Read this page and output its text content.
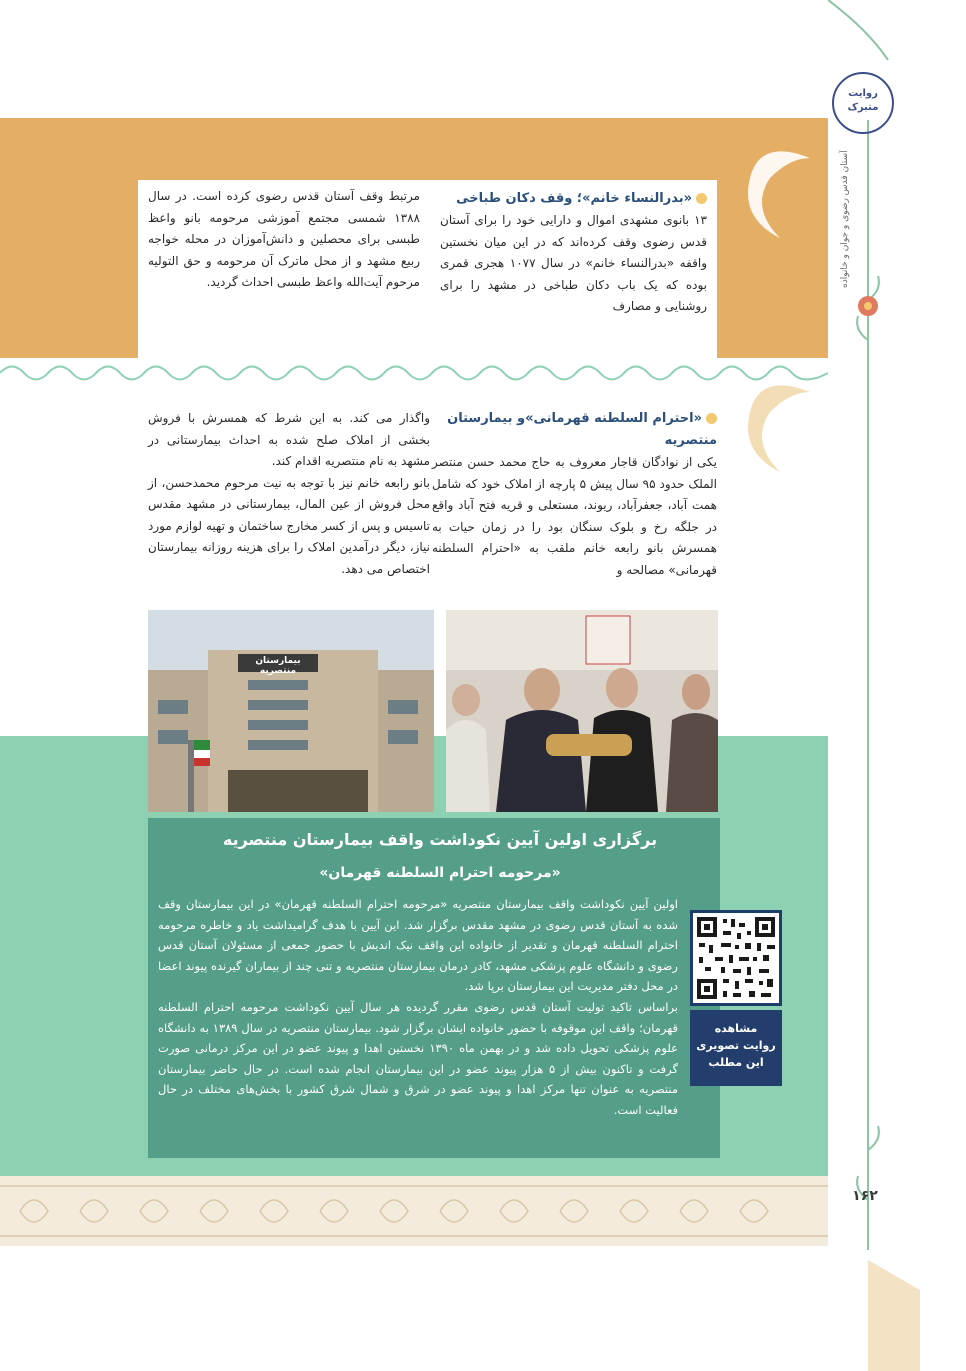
روایت متبرک
آستان قدس رضوی و جوان و خانواده
مرتبط وقف آستان قدس رضوی کرده است. در سال ۱۳۸۸ شمسی مجتمع آموزشی مرحومه بانو واعظ طبسی برای محصلین و دانش‌آموزان در محله خواجه ربیع مشهد و از محل ماترک آن مرحومه و حق التولیه مرحوم آیت‌الله واعظ طبسی احداث گردید.
«بدرالنساء خانم»؛ وقف دکان طباخی
۱۳ بانوی مشهدی اموال و دارایی خود را برای آستان قدس رضوی وقف کرده‌اند که در این میان نخستین واقفه «بدرالنساء خانم» در سال ۱۰۷۷ هجری قمری بوده که یک باب دکان طباخی در مشهد را برای روشنایی و مصارف
«احترام السلطنه قهرمانی»و بیمارستان منتصریه
یکی از نوادگان قاجار معروف به حاج محمد حسن منتصر الملک حدود ۹۵ سال پیش ۵ پارچه از املاک خود که شامل همت آباد، جعفرآباد، ریوند، مستعلی و قریه فتح آباد واقع در جلگه رخ و بلوک سنگان بود را در زمان حیات به همسرش بانو رابعه خانم ملقب به «احترام السلطنه قهرمانی» مصالحه و
واگذار می کند. به این شرط که همسرش با فروش بخشی از املاک صلح شده به احداث بیمارستانی در مشهد به نام منتصریه اقدام کند.
بانو رابعه خانم نیز با توجه به نیت مرحوم محمدحسن، از محل فروش از عین المال، بیمارستانی در مشهد مقدس تاسیس و پس از کسر مخارج ساختمان و تهیه لوازم مورد نیاز، دیگر درآمدین املاک را برای هزینه روزانه بیمارستان اختصاص می دهد.
بیمارستان منتصریه
برگزاری اولین آیین نکوداشت واقف بیمارستان منتصریه
«مرحومه احترام السلطنه قهرمان»
اولین آیین نکوداشت واقف بیمارستان منتصریه «مرحومه احترام السلطنه قهرمان» در این بیمارستان وقف شده به آستان قدس رضوی در مشهد مقدس برگزار شد. این آیین با هدف گرامیداشت یاد و خاطره مرحومه احترام السلطنه قهرمان و تقدیر از خانواده این واقف نیک اندیش با حضور جمعی از مسئولان آستان قدس رضوی و دانشگاه علوم پزشکی مشهد، کادر درمان بیمارستان منتصریه و تنی چند از بیماران گیرنده پیوند اعضا در محل دفتر مدیریت این بیمارستان برپا شد.
براساس تاکید تولیت آستان قدس رضوی مقرر گردیده هر سال آیین نکوداشت مرحومه احترام السلطنه قهرمان؛ واقف این موقوفه با حضور خانواده ایشان برگزار شود. بیمارستان منتصریه در سال ۱۳۸۹ به دانشگاه علوم پزشکی تحویل داده شد و در بهمن ماه ۱۳۹۰ نخستین اهدا و پیوند عضو در این مرکز درمانی صورت گرفت و تاکنون بیش از ۵ هزار پیوند عضو در این بیمارستان انجام شده است. در حال حاضر بیمارستان منتصریه به عنوان تنها مرکز اهدا و پیوند عضو در شرق و شمال شرق کشور با بخش‌های مختلف در حال فعالیت است.
مشاهده
روایت تصویری
این مطلب
۱۶۲
